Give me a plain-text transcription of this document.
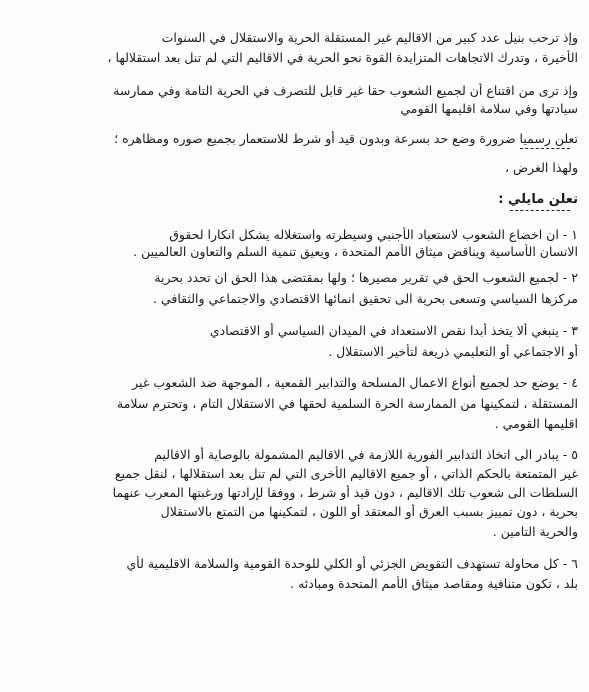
وإذ ترحب بنيل عدد كبير من الاقاليم غير المستقلة الحرية والاستقلال في السنوات
الأخيرة ، وتدرك الاتجاهات المتزايدة القوة نحو الحرية في الاقاليم التي لم تنل بعد استقلالها ،
وإذ ترى من اقتناع أن لجميع الشعوب حقا غير قابل للتصرف في الحرية التامة وفي ممارسة
سيادتها وفي سلامة اقليمها القومي
تعلن رسميا ضرورة وضع حد بسرعة وبدون قيد أو شرط للاستعمار بجميع صوره ومظاهره ؛
ولهذا الغرض ،
تعلن مايلي :
١ - ان اخضاع الشعوب لاستعباد الأجنبي وسيطرته واستغلاله يشكل انكارا لحقوق
الانسان الأساسية ويناقض ميثاق الأمم المتحدة ، ويعيق تنمية السلم والتعاون العالميين .
٢ - لجميع الشعوب الحق في تقرير مصيرها ؛ ولها بمقتضى هذا الحق ان تحدد بحرية
مركزها السياسي وتسعى بحرية الى تحقيق انمائها الاقتصادي والاجتماعي والثقافي .
٣ - ينبغي ألا يتخذ أبدا نقص الاستعداد في الميدان السياسي أو الاقتصادي
أو الاجتماعي أو التعليمي ذريعة لتأخير الاستقلال .
٤ - يوضع حد لجميع أنواع الاعمال المسلحة والتدابير القمعية ، الموجهة ضد الشعوب غير
المستقلة ، لتمكينها من الممارسة الحرة السلمية لحقها في الاستقلال التام ، وتحترم سلامة
اقليمها القومي .
٥ - يبادر الى اتخاذ التدابير الفورية اللازمة في الاقاليم المشمولة بالوصاية أو الاقاليم
غير المتمتعة بالحكم الذاتي ، أو جميع الاقاليم الأخرى التي لم تنل بعد استقلالها ، لنقل جميع
السلطات الى شعوب تلك الاقاليم ، دون قيد أو شرط ، ووفقا لإرادتها ورغبتها المعرب عنهما
بحرية ، دون تمييز بسبب العرق أو المعتقد أو اللون ، لتمكينها من التمتع بالاستقلال
والحرية التامين .
٦ - كل محاولة تستهدف التقويض الجزئي أو الكلي للوحدة القومية والسلامة الاقليمية لأي
بلد ، تكون متنافية ومقاصد ميثاق الأمم المتحدة ومبادئه .
